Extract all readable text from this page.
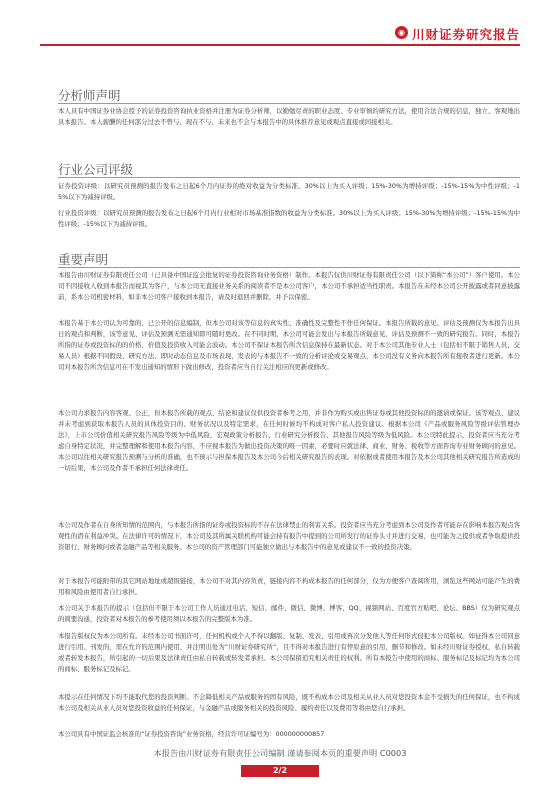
◉ 川财证券研究报告
分析师声明

本人具有中国证券业协会授予的证券投资咨询执业资格并注册为证券分析师，以勤勉尽责的职业态度、专业审慎的研究方法，使用合法合规的信息，独立、客观地出具本报告。本人薪酬的任何部分过去不曾与、现在不与、未来也不会与本报告中的具体推荐意见或观点直接或间接相关。

行业公司评级

证券投资评级：以研究员预测的报告发布之日起6个月内证券的绝对收益为分类标准。30%以上为买入评级；15%-30%为增持评级；-15%-15%为中性评级；-15%以下为减持评级。

行业投资评级：以研究员预测的报告发布之日起6个月内行业相对市场基准指数的收益为分类标准。30%以上为买入评级；15%-30%为增持评级；-15%-15%为中性评级；-15%以下为减持评级。

重要声明

本报告由川财证券有限责任公司（已具备中国证监会批复的证券投资咨询业务资格）制作。本报告仅供川财证券有限责任公司（以下简称“本公司”）客户使用。本公司不因接收人收到本报告而视其为客户，与本公司无直接业务关系的阅读者不是本公司客户，本公司不承担适当性职责。本报告在未经本公司公开披露或者同意披露前，系本公司机密材料，如非本公司客户接收到本报告，请及时退回并删除，并予以保密。

本报告基于本公司认为可靠的、已公开的信息编制，但本公司对该等信息的真实性、准确性及完整性不作任何保证。本报告所载的意见、评估及预测仅为本报告出具日的观点和判断，该等意见、评估及预测无需通知即可随时更改。在不同时期，本公司可能会发出与本报告所载意见、评估及预测不一致的研究报告。同时，本报告所指的证券或投资标的的价格、价值及投资收入可能会波动。本公司不保证本报告所含信息保持在最新状态。对于本公司其他专业人士（包括但不限于销售人员、交易人员）根据不同假设、研究方法、即时动态信息及市场表现，发表的与本报告不一致的分析评论或交易观点，本公司没有义务向本报告所有接收者进行更新。本公司对本报告所含信息可在不发出通知的情形下做出修改，投资者应当自行关注相应的更新或修改。

本公司力求报告内容客观、公正，但本报告所载的观点、结论和建议仅供投资者参考之用，并非作为购买或出售证券或其他投资标的的邀请或保证。该等观点、建议并未考虑到获取本报告人员的具体投资目的、财务状况以及特定需求，在任何时候均不构成对客户私人投资建议。根据本公司《产品或服务风险等级评估管理办法》，上市公司价值相关研究报告风险等级为中低风险，宏观政策分析报告、行业研究分析报告、其他报告风险等级为低风险。本公司特此提示，投资者应当充分考虑自身特定状况，并完整理解和使用本报告内容，不应视本报告为做出投资决策的唯一因素，必要时应就法律、商业、财务、税收等方面咨询专业财务顾问的意见。本公司以往相关研究报告预测与分析的准确，也不预示与担保本报告及本公司今后相关研究报告的表现。对依据或者使用本报告及本公司其他相关研究报告所造成的一切后果，本公司及作者不承担任何法律责任。

本公司及作者在自身所知情的范围内，与本报告所指的证券或投资标的不存在法律禁止的利害关系。投资者应当充分考虑到本公司及作者可能存在影响本报告观点客观性的潜在利益冲突。在法律许可的情况下，本公司及其所属关联机构可能会持有报告中提到的公司所发行的证券头寸并进行交易，也可能为之提供或者争取提供投资银行、财务顾问或者金融产品等相关服务。本公司的资产管理部门可能独立做出与本报告中的意见或建议不一致的投资决策。

对于本报告可能附带的其它网站地址或超级链接，本公司不对其内容负责，链接内容不构成本报告的任何部分，仅为方便客户查阅所用，浏览这些网站可能产生的费用和风险由使用者自行承担。

本公司关于本报告的提示（包括但不限于本公司工作人员通过电话、短信、邮件、微信、微博、博客、QQ、视频网站、百度官方贴吧、论坛、BBS）仅为研究观点的简要沟通，投资者对本报告的参考使用须以本报告的完整版本为准。

本报告版权仅为本公司所有。未经本公司书面许可，任何机构或个人不得以翻版、复制、发表、引用或再次分发他人等任何形式侵犯本公司版权。如征得本公司同意进行引用、刊发的，需在允许的范围内使用，并注明出处为“川财证券研究所”，且不得对本报告进行有悖原意的引用、删节和修改。如未经川财证券授权，私自转载或者转发本报告，所引起的一切后果及法律责任由私自转载或转发者承担。本公司保留追究相关责任的权利。所有本报告中使用的商标、服务标记及标记均为本公司的商标、服务标记及标记。

本提示在任何情况下均不能取代您的投资判断。不会降低相关产品或服务的固有风险，既不构成本公司及相关从业人员对您投资本金不受损失的任何保证，也不构成本公司及相关从业人员对您投资收益的任何保证，与金融产品或服务相关的投资风险、履约责任以及费用等将由您自行承担。

本公司具有中国证监会核准的“证券投资咨询”业务资格，经营许可证编号为：000000000857

本报告由川财证券有限责任公司编制 谨请参阅本页的重要声明 C0003
2/2
